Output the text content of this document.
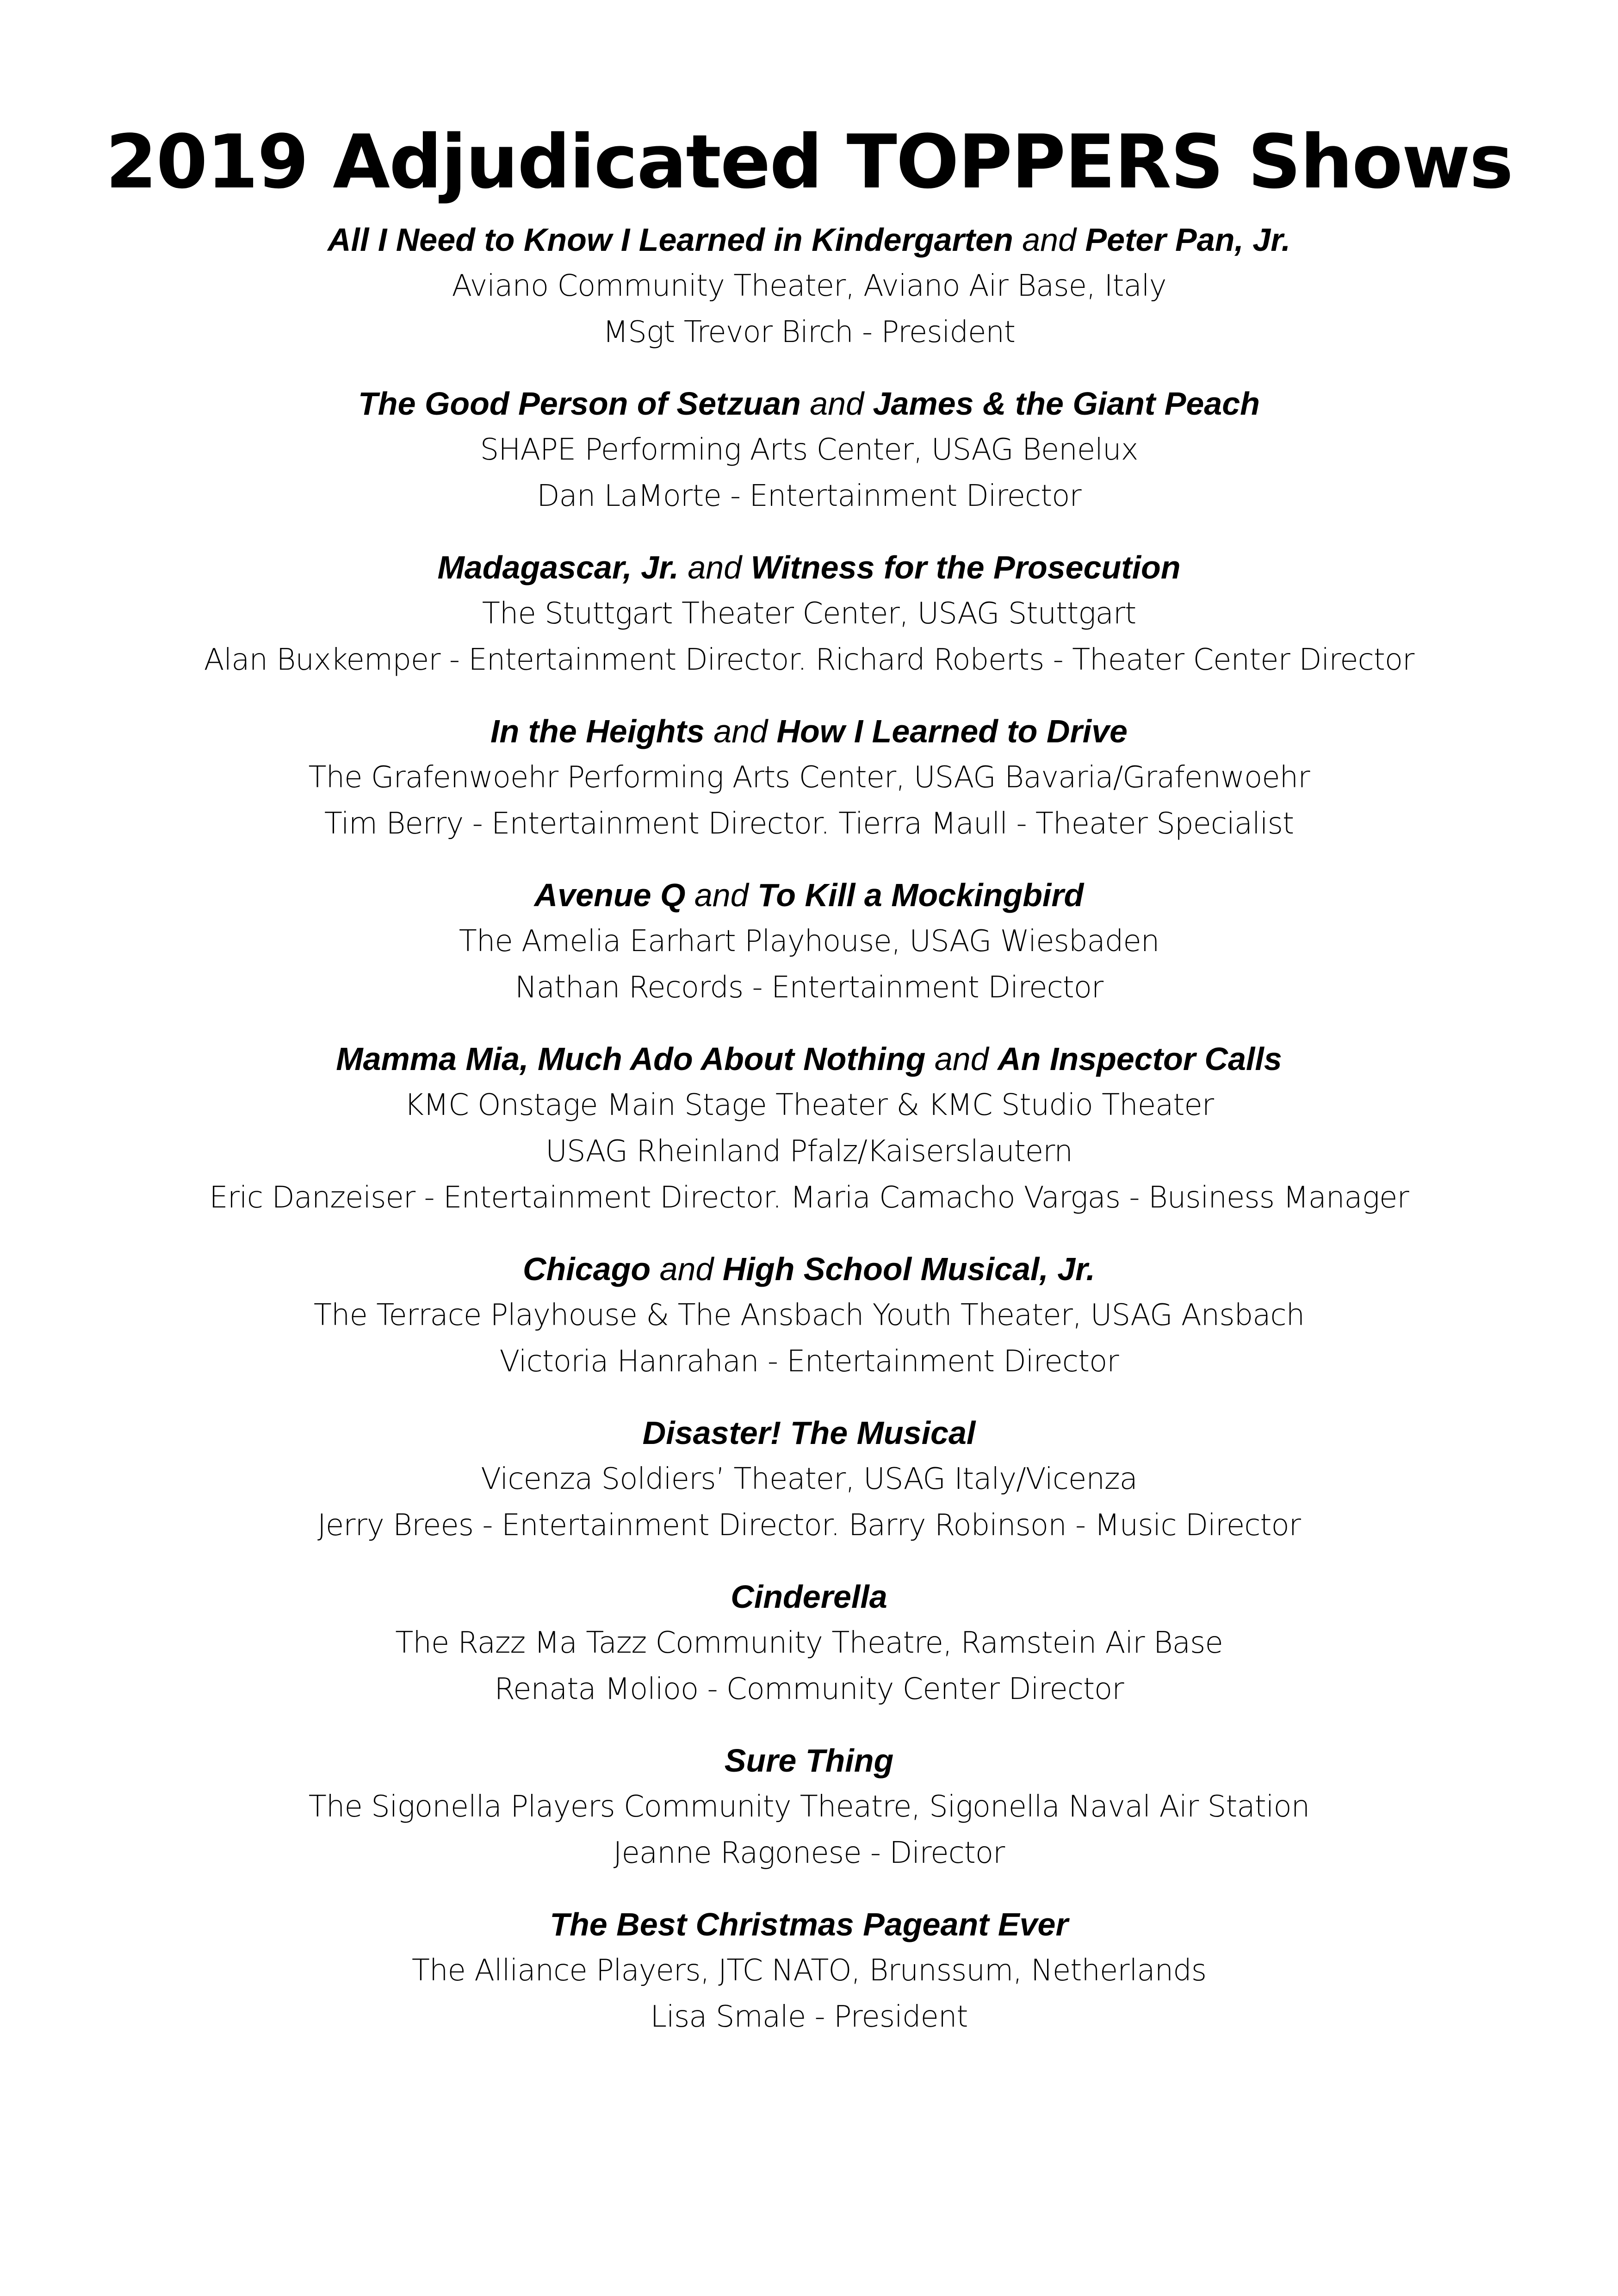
2019 Adjudicated TOPPERS Shows
All I Need to Know I Learned in Kindergarten and Peter Pan, Jr.
Aviano Community Theater, Aviano Air Base, Italy
MSgt Trevor Birch - President
The Good Person of Setzuan and James & the Giant Peach
SHAPE Performing Arts Center, USAG Benelux
Dan LaMorte - Entertainment Director
Madagascar, Jr. and Witness for the Prosecution
The Stuttgart Theater Center, USAG Stuttgart
Alan Buxkemper - Entertainment Director. Richard Roberts - Theater Center Director
In the Heights and How I Learned to Drive
The Grafenwoehr Performing Arts Center, USAG Bavaria/Grafenwoehr
Tim Berry - Entertainment Director. Tierra Maull - Theater Specialist
Avenue Q and To Kill a Mockingbird
The Amelia Earhart Playhouse, USAG Wiesbaden
Nathan Records - Entertainment Director
Mamma Mia, Much Ado About Nothing and An Inspector Calls
KMC Onstage Main Stage Theater & KMC Studio Theater
USAG Rheinland Pfalz/Kaiserslautern
Eric Danzeiser - Entertainment Director. Maria Camacho Vargas - Business Manager
Chicago and High School Musical, Jr.
The Terrace Playhouse & The Ansbach Youth Theater, USAG Ansbach
Victoria Hanrahan - Entertainment Director
Disaster! The Musical
Vicenza Soldiers’ Theater, USAG Italy/Vicenza
Jerry Brees - Entertainment Director. Barry Robinson - Music Director
Cinderella
The Razz Ma Tazz Community Theatre, Ramstein Air Base
Renata Molioo - Community Center Director
Sure Thing
The Sigonella Players Community Theatre, Sigonella Naval Air Station
Jeanne Ragonese - Director
The Best Christmas Pageant Ever
The Alliance Players, JTC NATO, Brunssum, Netherlands
Lisa Smale - President
